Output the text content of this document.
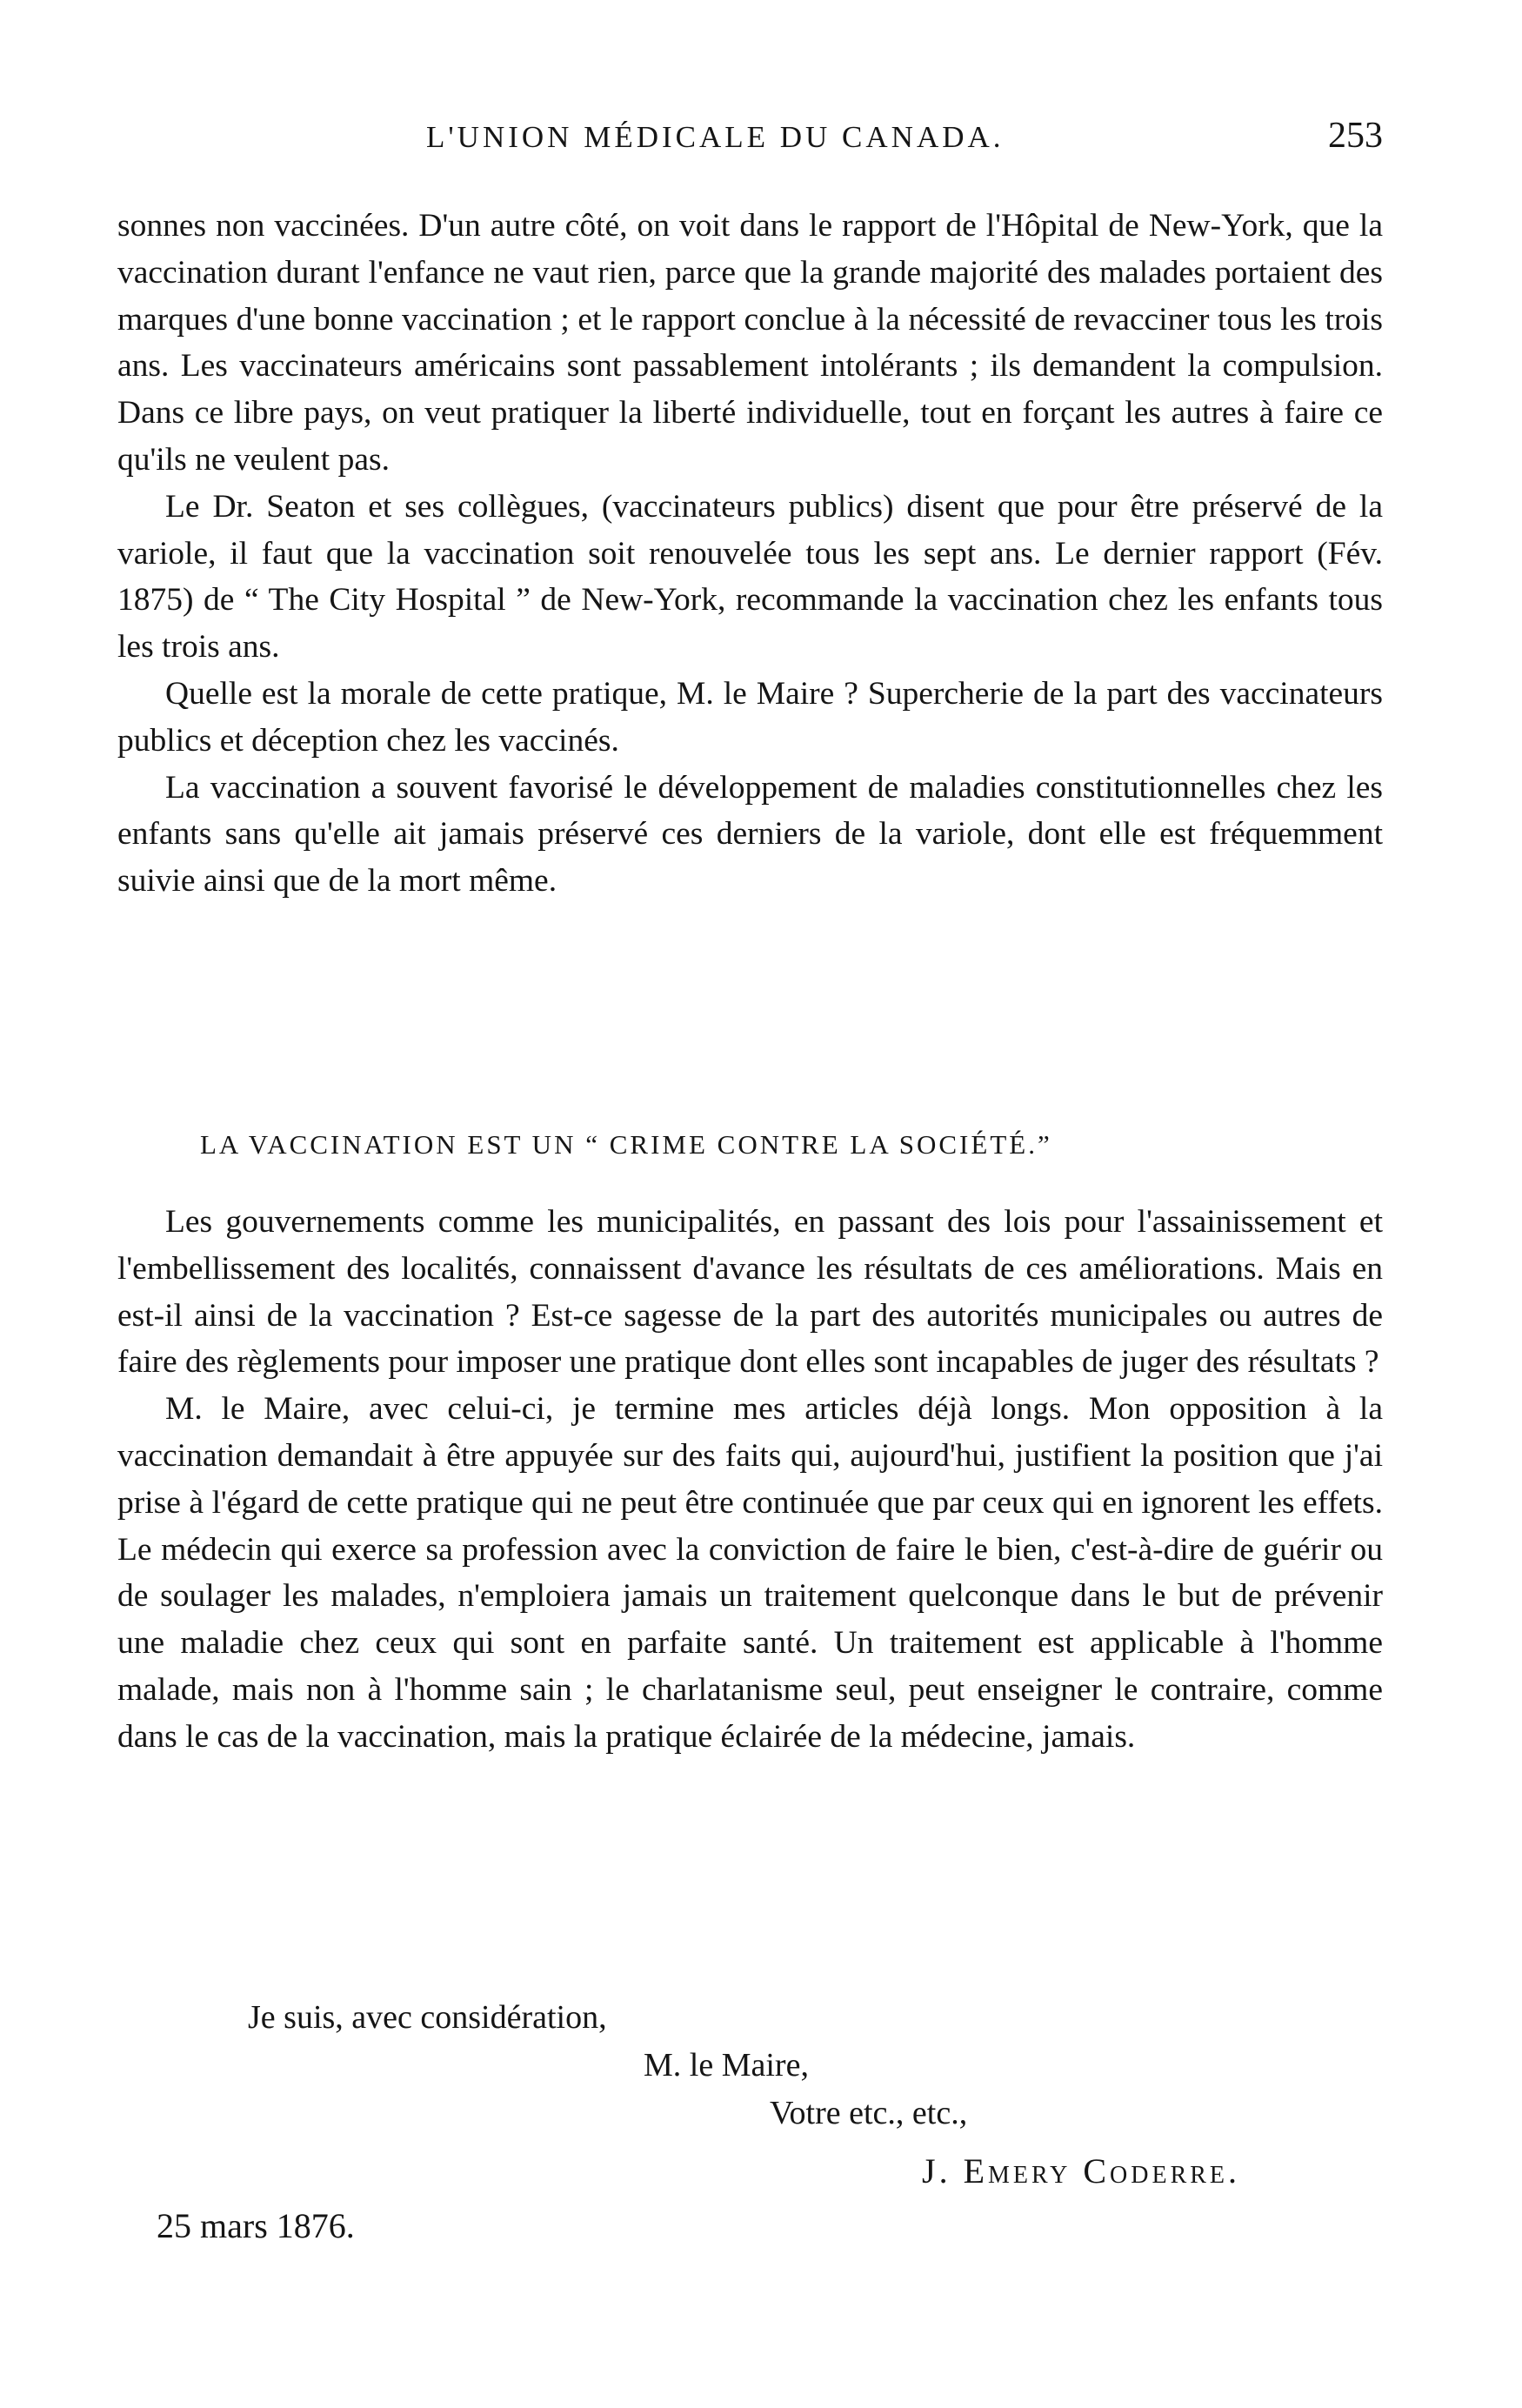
L'UNION MÉDICALE DU CANADA.	253

sonnes non vaccinées. D'un autre côté, on voit dans le rapport de l'Hôpital de New-York, que la vaccination durant l'enfance ne vaut rien, parce que la grande majorité des malades portaient des marques d'une bonne vaccination ; et le rapport conclue à la nécessité de revacciner tous les trois ans. Les vaccinateurs américains sont passablement intolérants ; ils demandent la compulsion. Dans ce libre pays, on veut pratiquer la liberté individuelle, tout en forçant les autres à faire ce qu'ils ne veulent pas.

Le Dr. Seaton et ses collègues, (vaccinateurs publics) disent que pour être préservé de la variole, il faut que la vaccination soit renouvelée tous les sept ans. Le dernier rapport (Fév. 1875) de “ The City Hospital ” de New-York, recommande la vaccination chez les enfants tous les trois ans.

Quelle est la morale de cette pratique, M. le Maire ? Supercherie de la part des vaccinateurs publics et déception chez les vaccinés.

La vaccination a souvent favorisé le développement de maladies constitutionnelles chez les enfants sans qu'elle ait jamais préservé ces derniers de la variole, dont elle est fréquemment suivie ainsi que de la mort même.

LA VACCINATION EST UN “ CRIME CONTRE LA SOCIÉTÉ.”

Les gouvernements comme les municipalités, en passant des lois pour l'assainissement et l'embellissement des localités, connaissent d'avance les résultats de ces améliorations. Mais en est-il ainsi de la vaccination ? Est-ce sagesse de la part des autorités municipales ou autres de faire des règlements pour imposer une pratique dont elles sont incapables de juger des résultats ?

M. le Maire, avec celui-ci, je termine mes articles déjà longs. Mon opposition à la vaccination demandait à être appuyée sur des faits qui, aujourd'hui, justifient la position que j'ai prise à l'égard de cette pratique qui ne peut être continuée que par ceux qui en ignorent les effets. Le médecin qui exerce sa profession avec la conviction de faire le bien, c'est-à-dire de guérir ou de soulager les malades, n'emploiera jamais un traitement quelconque dans le but de prévenir une maladie chez ceux qui sont en parfaite santé. Un traitement est applicable à l'homme malade, mais non à l'homme sain ; le charlatanisme seul, peut enseigner le contraire, comme dans le cas de la vaccination, mais la pratique éclairée de la médecine, jamais.

Je suis, avec considération,
M. le Maire,
Votre etc., etc.,
J. Emery Coderre.
25 mars 1876.
